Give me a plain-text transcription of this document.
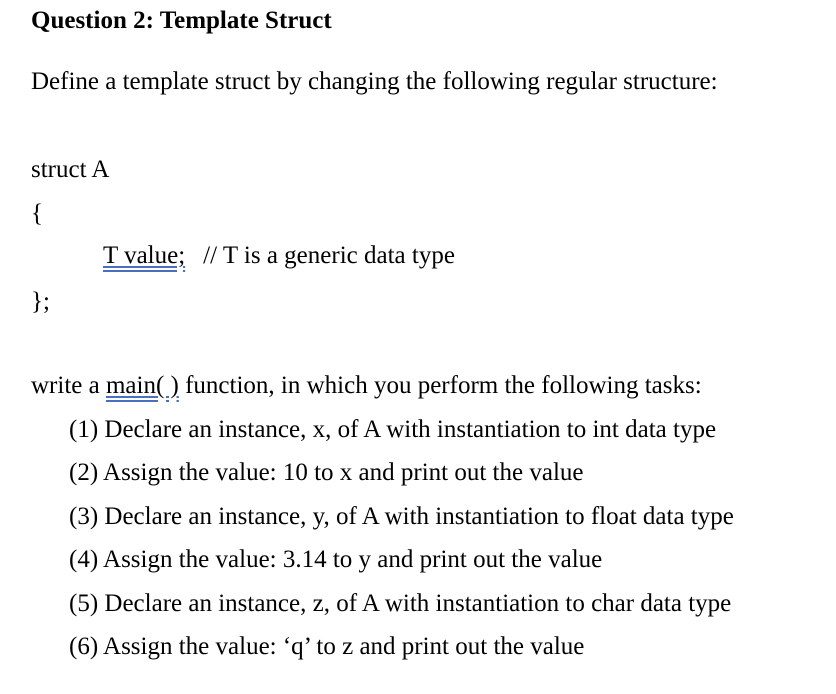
Question 2: Template Struct
Define a template struct by changing the following regular structure:
struct A
{
T value; // T is a generic data type
};
write a main( ) function, in which you perform the following tasks:
(1) Declare an instance, x, of A with instantiation to int data type
(2) Assign the value: 10 to x and print out the value
(3) Declare an instance, y, of A with instantiation to float data type
(4) Assign the value: 3.14 to y and print out the value
(5) Declare an instance, z, of A with instantiation to char data type
(6) Assign the value: ‘q’ to z and print out the value
